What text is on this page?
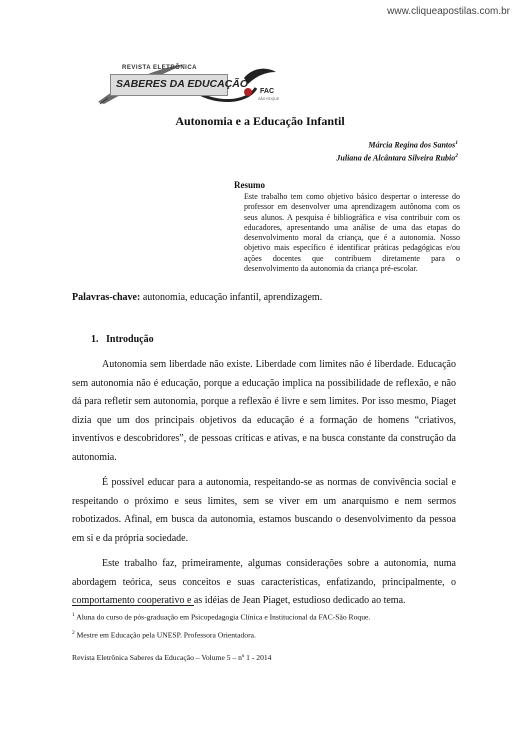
www.cliqueapostilas.com.br
REVISTA ELETRÔNICA
SABERES DA EDUCAÇÃO
FAC
SÃO ROQUE
Autonomia e a Educação Infantil
Márcia Regina dos Santos$^1$
Juliana de Alcântara Silveira Rubio$^2$
Resumo
Este trabalho tem como objetivo básico despertar o interesse do professor em desenvolver uma aprendizagem autônoma com os seus alunos. A pesquisa é bibliográfica e visa contribuir com os educadores, apresentando uma análise de uma das etapas do desenvolvimento moral da criança, que é a autonomia. Nosso objetivo mais específico é identificar práticas pedagógicas e/ou ações docentes que contribuem diretamente para o desenvolvimento da autonomia da criança pré-escolar.
Palavras-chave: autonomia, educação infantil, aprendizagem.
1.   Introdução

Autonomia sem liberdade não existe. Liberdade com limites não é liberdade. Educação sem autonomia não é educação, porque a educação implica na possibilidade de reflexão, e não dá para refletir sem autonomia, porque a reflexão é livre e sem limites. Por isso mesmo, Piaget dizia que um dos principais objetivos da educação é a formação de homens “criativos, inventivos e descobridores”, de pessoas críticas e ativas, e na busca constante da construção da autonomia.

É possível educar para a autonomia, respeitando-se as normas de convivência social e respeitando o próximo e seus limites, sem se viver em um anarquismo e nem sermos robotizados. Afinal, em busca da autonomia, estamos buscando o desenvolvimento da pessoa em si e da própria sociedade.

Este trabalho faz, primeiramente, algumas considerações sobre a autonomia, numa abordagem teórica, seus conceitos e suas características, enfatizando, principalmente, o comportamento cooperativo e as idéias de Jean Piaget, estudioso dedicado ao tema.

$^1$ Aluna do curso de pós-graduação em Psicopedagogia Clínica e Institucional da FAC-São Roque.
$^2$ Mestre em Educação pela UNESP. Professora Orientadora.
Revista Eletrônica Saberes da Educação – Volume 5 – nº 1 - 2014
